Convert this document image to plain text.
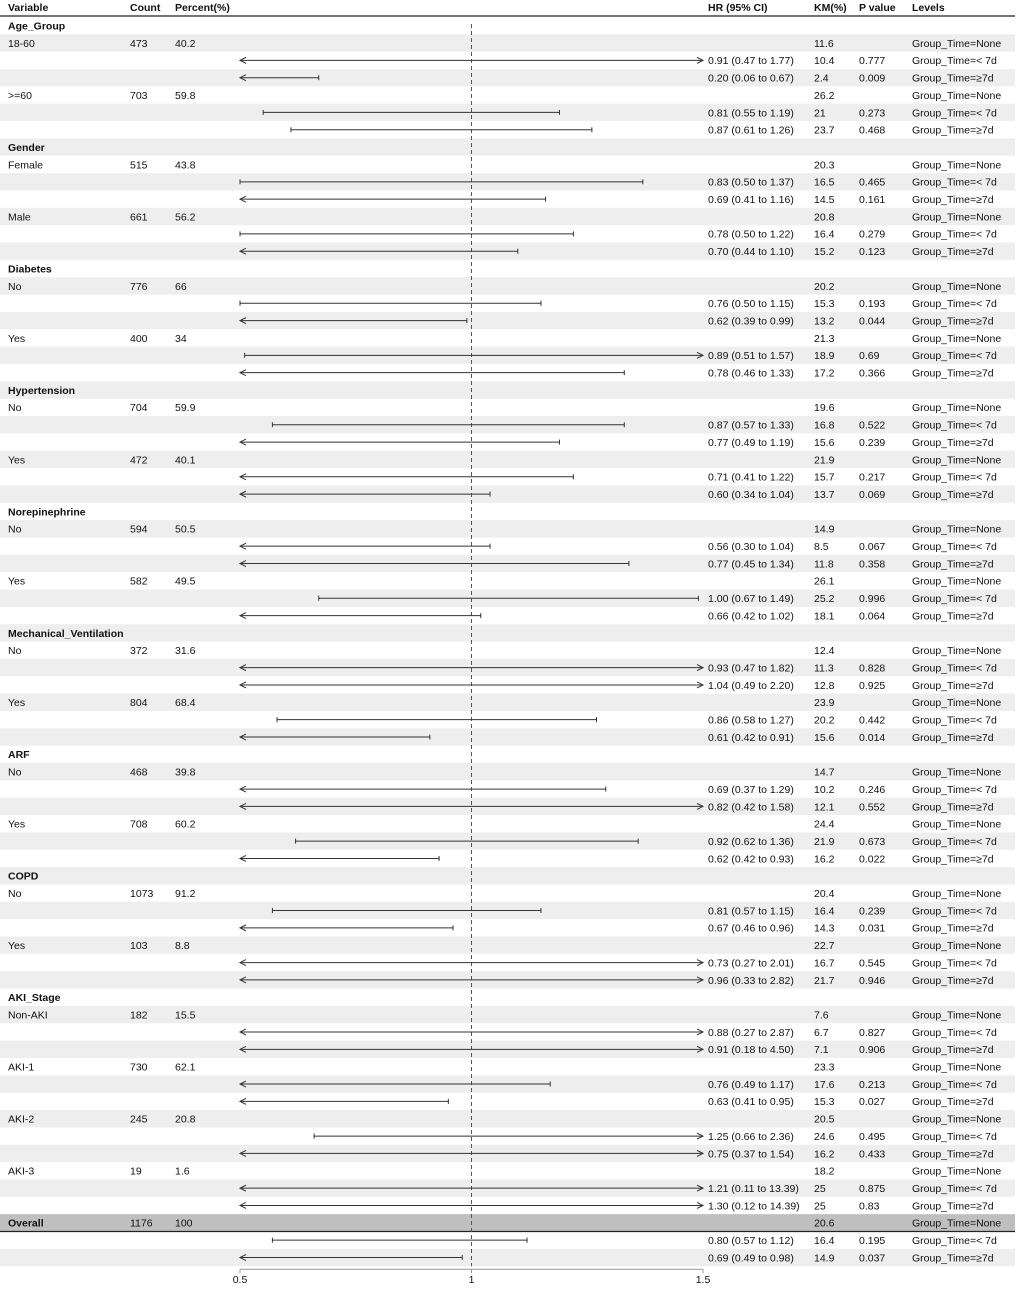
Variable	Count Percent(%)	HR (95% CI)	KM(%) P value Levels
Age_Group
18-60	473	40.2	11.6	Group_Time=None
0.91 (0.47 to 1.77) 10.4 0.777	Group_Time=< 7d
0.20 (0.06 to 0.67) 2.4	0.009	Group_Time=≥7d
>=60	703	59.8	26.2	Group_Time=None
0.81 (0.55 to 1.19) 21	0.273	Group_Time=< 7d
0.87 (0.61 to 1.26) 23.7 0.468	Group_Time=≥7d
Gender
Female	515	43.8	20.3	Group_Time=None
0.83 (0.50 to 1.37) 16.5 0.465	Group_Time=< 7d
0.69 (0.41 to 1.16) 14.5 0.161	Group_Time=≥7d
Male	661	56.2	20.8	Group_Time=None
0.78 (0.50 to 1.22) 16.4 0.279	Group_Time=< 7d
0.70 (0.44 to 1.10) 15.2 0.123	Group_Time=≥7d
Diabetes
No	776	66	20.2	Group_Time=None
0.76 (0.50 to 1.15) 15.3 0.193	Group_Time=< 7d
0.62 (0.39 to 0.99) 13.2 0.044	Group_Time=≥7d
Yes	400	34	21.3	Group_Time=None
0.89 (0.51 to 1.57) 18.9 0.69	Group_Time=< 7d
0.78 (0.46 to 1.33) 17.2 0.366	Group_Time=≥7d
Hypertension
No	704	59.9	19.6	Group_Time=None
0.87 (0.57 to 1.33) 16.8 0.522	Group_Time=< 7d
0.77 (0.49 to 1.19) 15.6 0.239	Group_Time=≥7d
Yes	472	40.1	21.9	Group_Time=None
0.71 (0.41 to 1.22) 15.7 0.217	Group_Time=< 7d
0.60 (0.34 to 1.04) 13.7 0.069	Group_Time=≥7d
Norepinephrine
No	594	50.5	14.9	Group_Time=None
0.56 (0.30 to 1.04) 8.5	0.067	Group_Time=< 7d
0.77 (0.45 to 1.34) 11.8 0.358	Group_Time=≥7d
Yes	582	49.5	26.1	Group_Time=None
1.00 (0.67 to 1.49) 25.2 0.996	Group_Time=< 7d
0.66 (0.42 to 1.02) 18.1 0.064	Group_Time=≥7d
Mechanical_Ventilation
No	372	31.6	12.4	Group_Time=None
0.93 (0.47 to 1.82) 11.3 0.828	Group_Time=< 7d
1.04 (0.49 to 2.20) 12.8 0.925	Group_Time=≥7d
Yes	804	68.4	23.9	Group_Time=None
0.86 (0.58 to 1.27) 20.2 0.442	Group_Time=< 7d
0.61 (0.42 to 0.91) 15.6 0.014	Group_Time=≥7d
ARF
No	468	39.8	14.7	Group_Time=None
0.69 (0.37 to 1.29) 10.2 0.246	Group_Time=< 7d
0.82 (0.42 to 1.58) 12.1 0.552	Group_Time=≥7d
Yes	708	60.2	24.4	Group_Time=None
0.92 (0.62 to 1.36) 21.9 0.673	Group_Time=< 7d
0.62 (0.42 to 0.93) 16.2 0.022	Group_Time=≥7d
COPD
No	1073 91.2	20.4	Group_Time=None
0.81 (0.57 to 1.15) 16.4 0.239	Group_Time=< 7d
0.67 (0.46 to 0.96) 14.3 0.031	Group_Time=≥7d
Yes	103	8.8	22.7	Group_Time=None
0.73 (0.27 to 2.01) 16.7 0.545	Group_Time=< 7d
0.96 (0.33 to 2.82) 21.7 0.946	Group_Time=≥7d
AKI_Stage
Non-AKI	182	15.5	7.6	Group_Time=None
0.88 (0.27 to 2.87) 6.7	0.827	Group_Time=< 7d
0.91 (0.18 to 4.50) 7.1	0.906	Group_Time=≥7d
AKI-1	730	62.1	23.3	Group_Time=None
0.76 (0.49 to 1.17) 17.6 0.213	Group_Time=< 7d
0.63 (0.41 to 0.95) 15.3 0.027	Group_Time=≥7d
AKI-2	245	20.8	20.5	Group_Time=None
1.25 (0.66 to 2.36) 24.6 0.495	Group_Time=< 7d
0.75 (0.37 to 1.54) 16.2 0.433	Group_Time=≥7d
AKI-3	19	1.6	18.2	Group_Time=None
1.21 (0.11 to 13.39) 25	0.875	Group_Time=< 7d
1.30 (0.12 to 14.39) 25	0.83	Group_Time=≥7d
Overall	1176 100	20.6	Group_Time=None
0.80 (0.57 to 1.12) 16.4 0.195	Group_Time=< 7d
0.69 (0.49 to 0.98) 14.9 0.037	Group_Time=≥7d
0.5	1	1.5
